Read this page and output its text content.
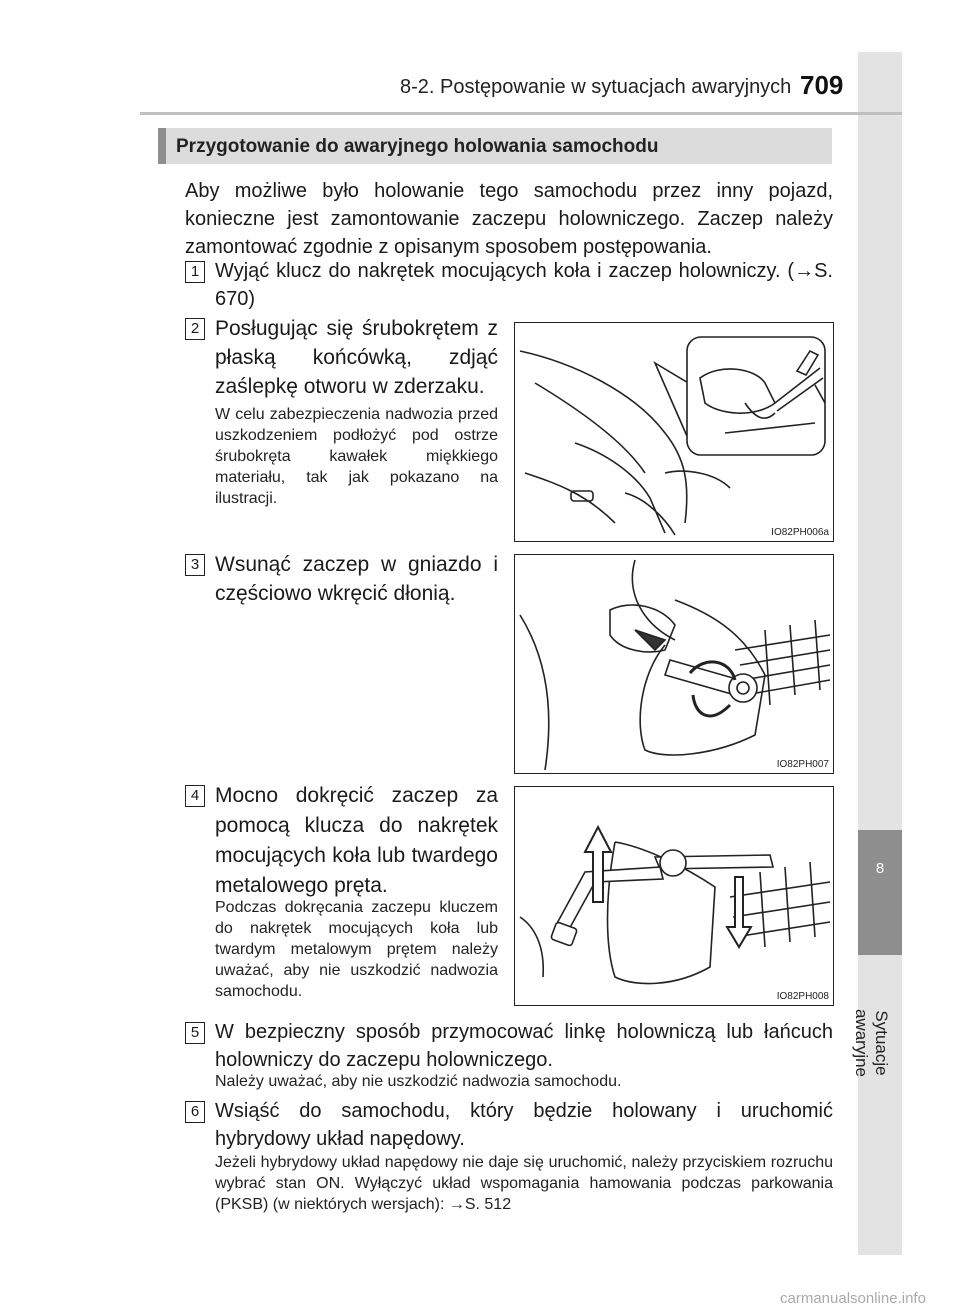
8
Sytuacje awaryjne
8-2. Postępowanie w sytuacjach awaryjnych 709
Przygotowanie do awaryjnego holowania samochodu
Aby możliwe było holowanie tego samochodu przez inny pojazd, konieczne jest zamontowanie zaczepu holowniczego. Zaczep należy zamontować zgodnie z opisanym sposobem postępowania.
1 Wyjąć klucz do nakrętek mocujących koła i zaczep holowniczy. (→S. 670)
2 Posługując się śrubokrętem z płaską końcówką, zdjąć zaślepkę otworu w zderzaku.
W celu zabezpieczenia nadwozia przed uszkodzeniem podłożyć pod ostrze śrubokręta kawałek miękkiego materiału, tak jak pokazano na ilustracji.
IO82PH006a
3 Wsunąć zaczep w gniazdo i częściowo wkręcić dłonią.
IO82PH007
4 Mocno dokręcić zaczep za pomocą klucza do nakrętek mocujących koła lub twardego metalowego pręta.
Podczas dokręcania zaczepu kluczem do nakrętek mocujących koła lub twardym metalowym prętem należy uważać, aby nie uszkodzić nadwozia samochodu.	IO82PH008
5 W bezpieczny sposób przymocować linkę holowniczą lub łańcuch holowniczy do zaczepu holowniczego.
Należy uważać, aby nie uszkodzić nadwozia samochodu.
6 Wsiąść do samochodu, który będzie holowany i uruchomić hybrydowy układ napędowy.
Jeżeli hybrydowy układ napędowy nie daje się uruchomić, należy przyciskiem rozruchu wybrać stan ON. Wyłączyć układ wspomagania hamowania podczas parkowania (PKSB) (w niektórych wersjach): →S. 512
carmanualsonline.info
